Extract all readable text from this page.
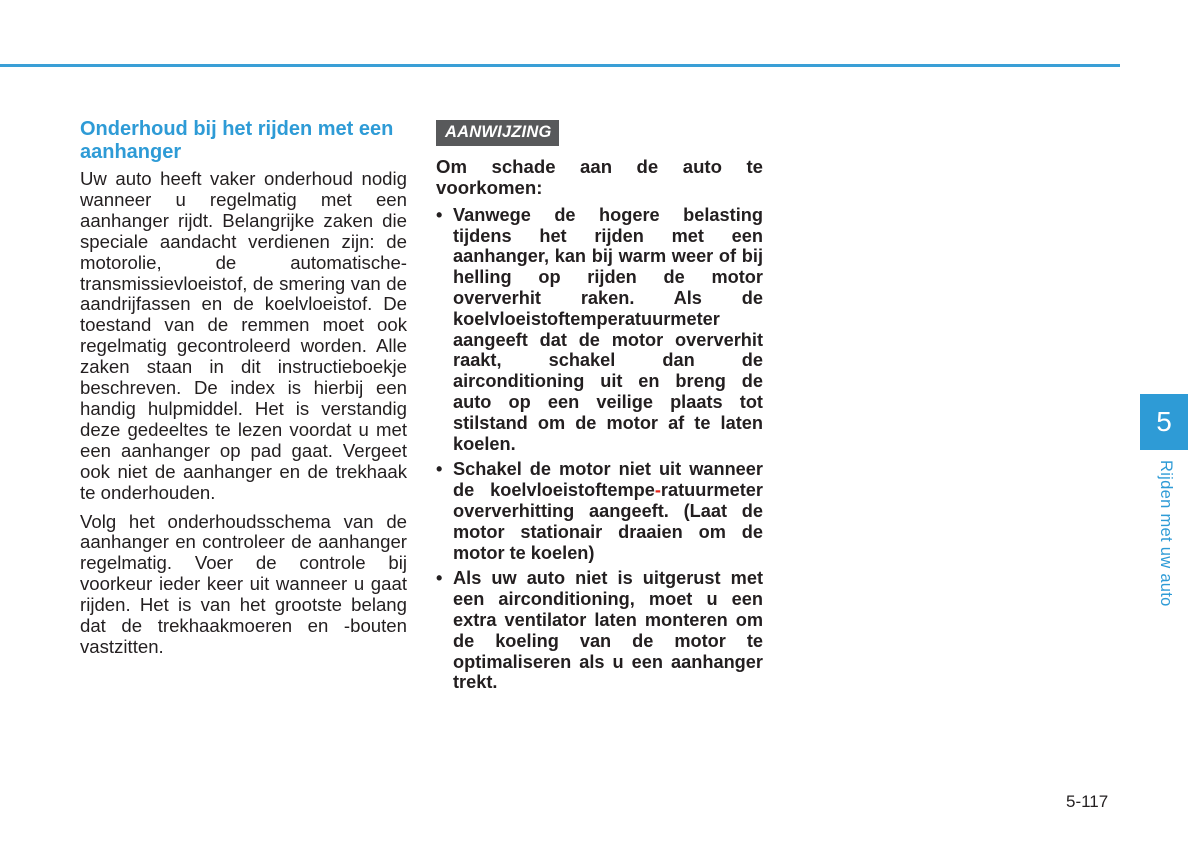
Onderhoud bij het rijden met een aanhanger

Uw auto heeft vaker onderhoud nodig wanneer u regelmatig met een aanhanger rijdt. Belangrijke zaken die speciale aandacht verdienen zijn: de motorolie, de automatische-transmissievloeistof, de smering van de aandrijfassen en de koelvloeistof. De toestand van de remmen moet ook regelmatig gecontroleerd worden. Alle zaken staan in dit instructieboekje beschreven. De index is hierbij een handig hulpmiddel. Het is verstandig deze gedeeltes te lezen voordat u met een aanhanger op pad gaat. Vergeet ook niet de aanhanger en de trekhaak te onderhouden.

Volg het onderhoudsschema van de aanhanger en controleer de aanhanger regelmatig. Voer de controle bij voorkeur ieder keer uit wanneer u gaat rijden. Het is van het grootste belang dat de trekhaakmoeren en -bouten vastzitten.

AANWIJZING

Om schade aan de auto te voorkomen:

• Vanwege de hogere belasting tijdens het rijden met een aanhanger, kan bij warm weer of bij helling op rijden de motor oververhit raken. Als de koelvloeistoftemperatuurmeter aangeeft dat de motor oververhit raakt, schakel dan de airconditioning uit en breng de auto op een veilige plaats tot stilstand om de motor af te laten koelen.
• Schakel de motor niet uit wanneer de koelvloeistoftempe-ratuurmeter oververhitting aangeeft. (Laat de motor stationair draaien om de motor te koelen)
• Als uw auto niet is uitgerust met een airconditioning, moet u een extra ventilator laten monteren om de koeling van de motor te optimaliseren als u een aanhanger trekt.
5
Rijden met uw auto
5-117
